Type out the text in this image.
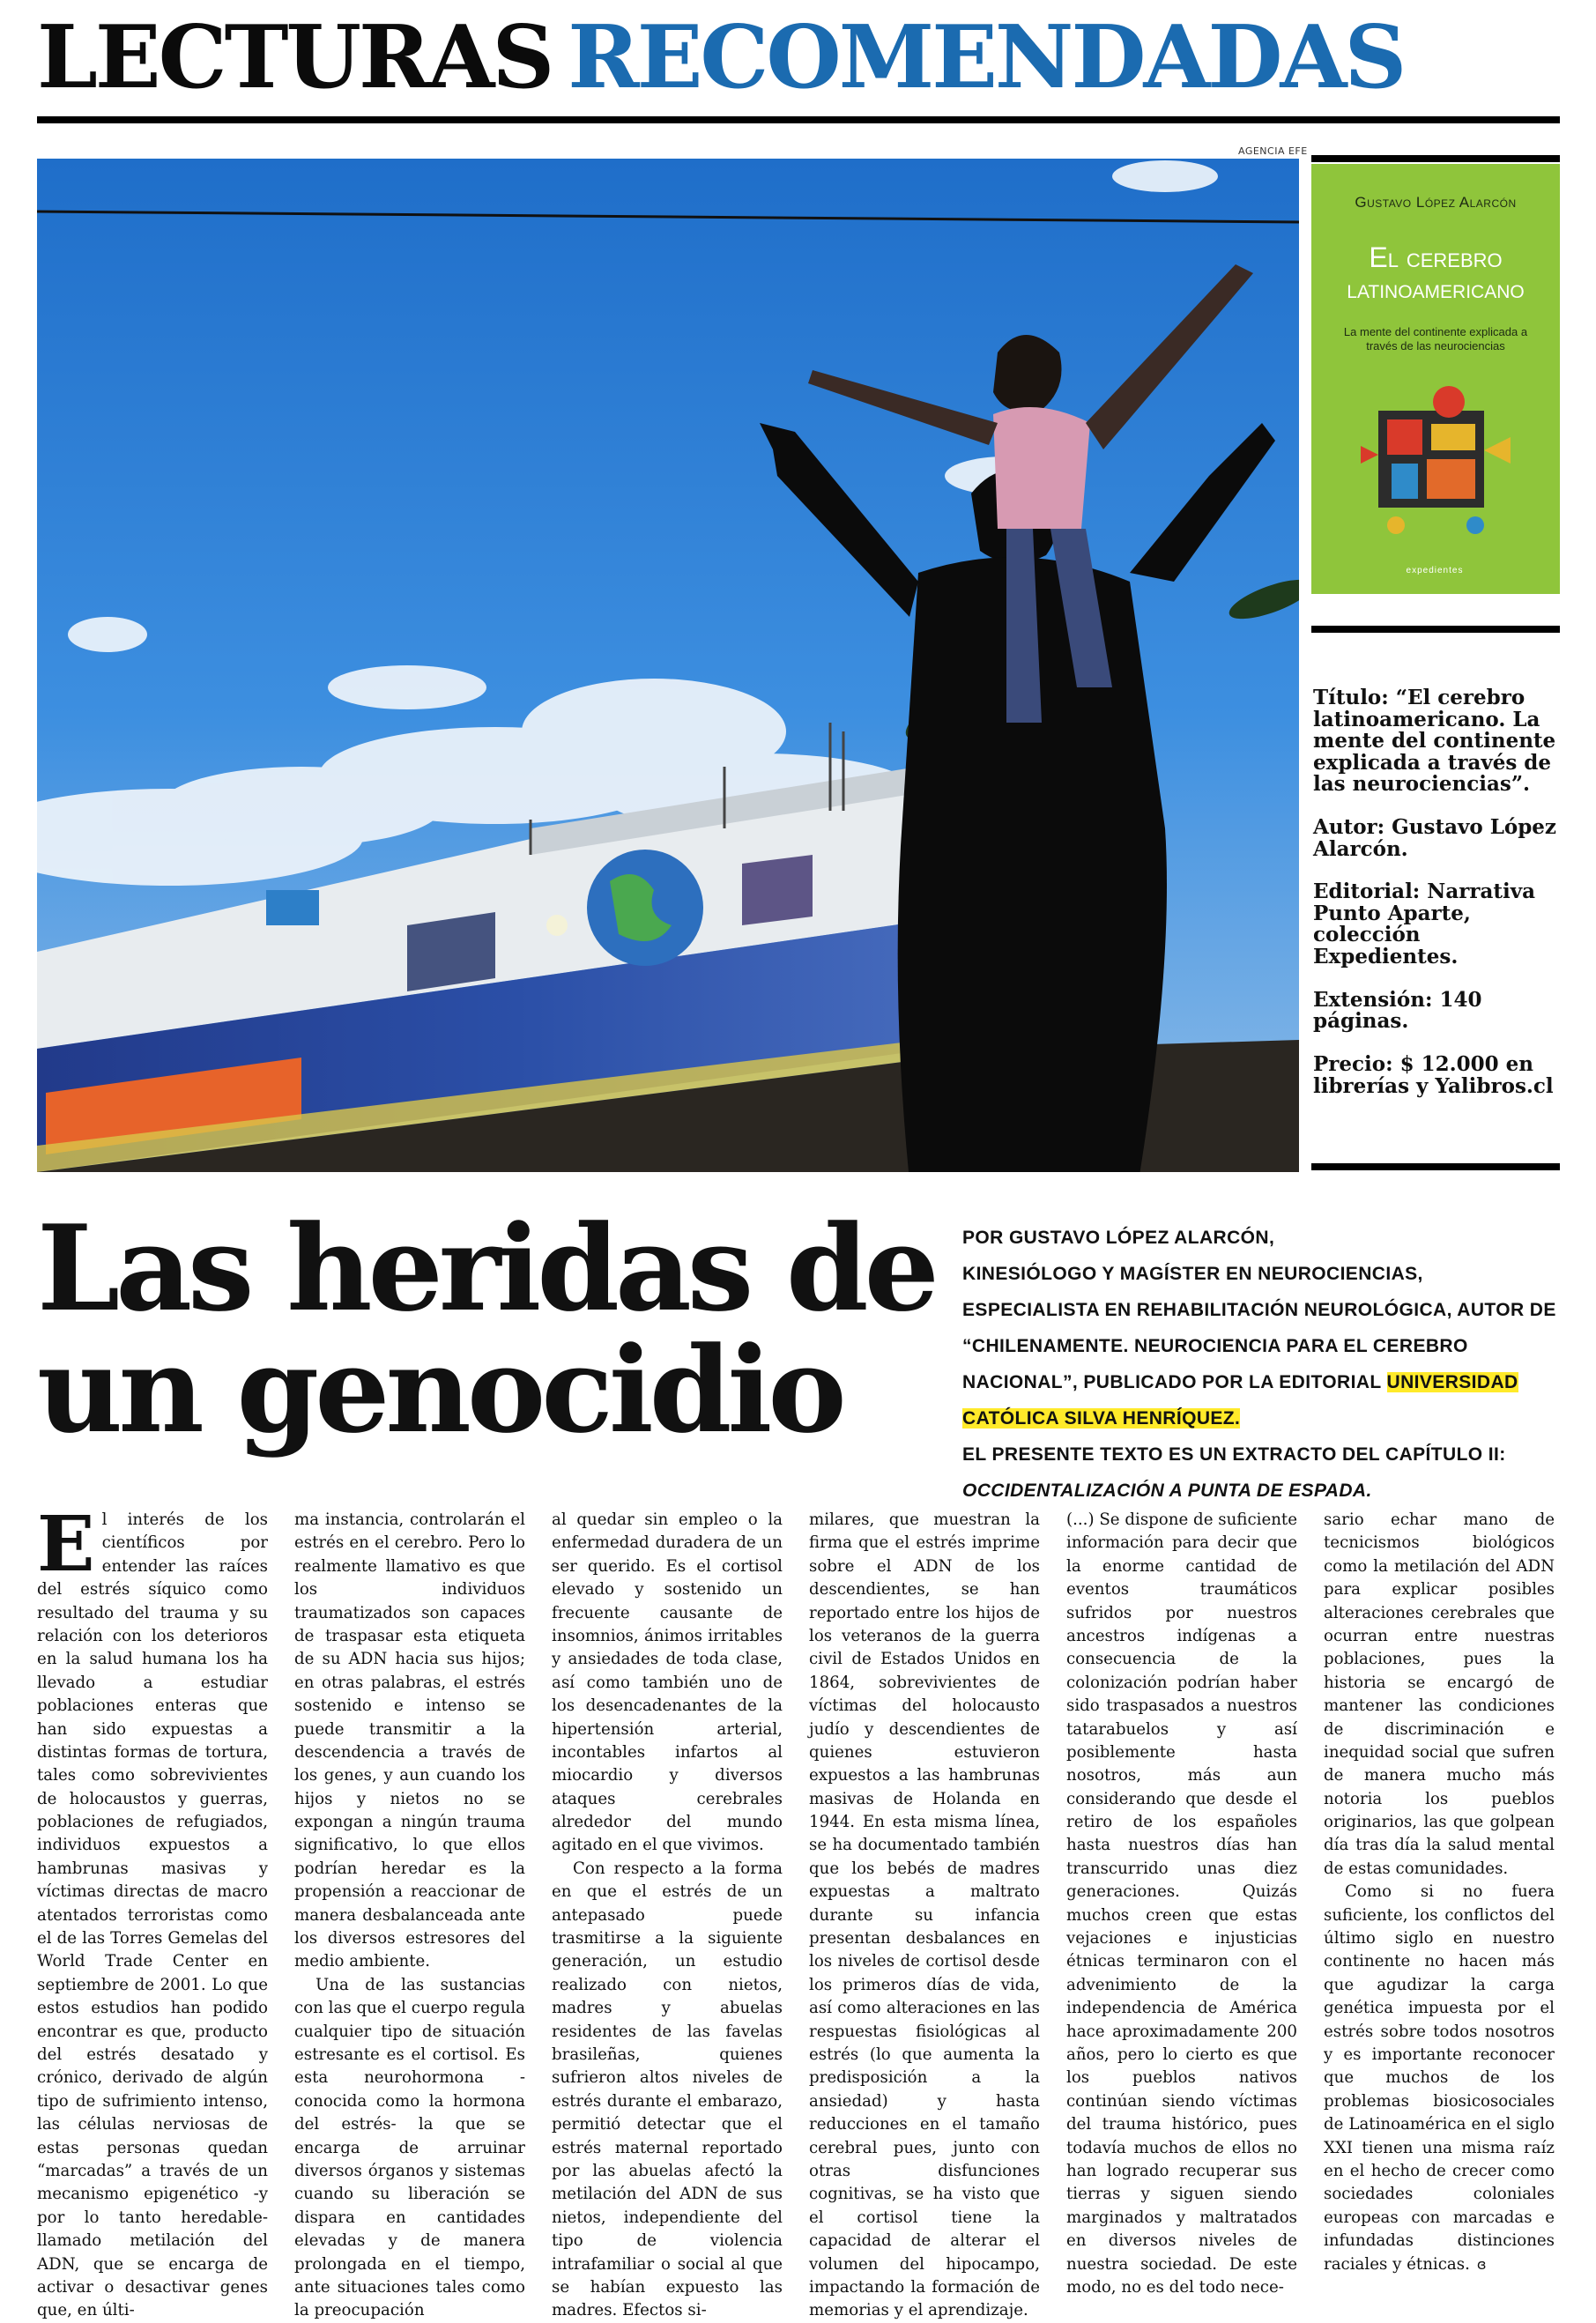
LECTURAS RECOMENDADAS
AGENCIA EFE
Gustavo López Alarcón
El cerebro
latinoamericano
La mente del continente explicada a través de las neurociencias
expedientes

Título: “El cerebro latinoamericano. La mente del continente explicada a través de las neurociencias”.

Autor: Gustavo López Alarcón.

Editorial: Narrativa Punto Aparte, colección Expedientes.

Extensión: 140 páginas.

Precio: $ 12.000 en librerías y Yalibros.cl

Las heridas de un genocidio
POR GUSTAVO LÓPEZ ALARCÓN,
KINESIÓLOGO Y MAGÍSTER EN NEUROCIENCIAS, ESPECIALISTA EN REHABILITACIÓN NEUROLÓGICA, AUTOR DE “CHILENAMENTE. NEUROCIENCIA PARA EL CEREBRO NACIONAL”, PUBLICADO POR LA EDITORIAL UNIVERSIDAD CATÓLICA SILVA HENRÍQUEZ.
EL PRESENTE TEXTO ES UN EXTRACTO DEL CAPÍTULO II:
OCCIDENTALIZACIÓN A PUNTA DE ESPADA.

El interés de los científicos por entender las raíces del estrés síquico como resultado del trauma y su relación con los deterioros en la salud humana los ha llevado a estudiar poblaciones enteras que han sido expuestas a distintas formas de tortura, tales como sobrevivientes de holocaustos y guerras, poblaciones de refugiados, individuos expuestos a hambrunas masivas y víctimas directas de macro atentados terroristas como el de las Torres Gemelas del World Trade Center en septiembre de 2001. Lo que estos estudios han podido encontrar es que, producto del estrés desatado y crónico, derivado de algún tipo de sufrimiento intenso, las células nerviosas de estas personas quedan “marcadas” a través de un mecanismo epigenético -y por lo tanto heredable- llamado metilación del ADN, que se encarga de activar o desactivar genes que, en últi-

ma instancia, controlarán el estrés en el cerebro. Pero lo realmente llamativo es que los individuos traumatizados son capaces de traspasar esta etiqueta de su ADN hacia sus hijos; en otras palabras, el estrés sostenido e intenso se puede transmitir a la descendencia a través de los genes, y aun cuando los hijos y nietos no se expongan a ningún trauma significativo, lo que ellos podrían heredar es la propensión a reaccionar de manera desbalanceada ante los diversos estresores del medio ambiente.

Una de las sustancias con las que el cuerpo regula cualquier tipo de situación estresante es el cortisol. Es esta neurohormona -conocida como la hormona del estrés- la que se encarga de arruinar diversos órganos y sistemas cuando su liberación se dispara en cantidades elevadas y de manera prolongada en el tiempo, ante situaciones tales como la preocupación

al quedar sin empleo o la enfermedad duradera de un ser querido. Es el cortisol elevado y sostenido un frecuente causante de insomnios, ánimos irritables y ansiedades de toda clase, así como también uno de los desencadenantes de la hipertensión arterial, incontables infartos al miocardio y diversos ataques cerebrales alrededor del mundo agitado en el que vivimos.

Con respecto a la forma en que el estrés de un antepasado puede trasmitirse a la siguiente generación, un estudio realizado con nietos, madres y abuelas residentes de las favelas brasileñas, quienes sufrieron altos niveles de estrés durante el embarazo, permitió detectar que el estrés maternal reportado por las abuelas afectó la metilación del ADN de sus nietos, independiente del tipo de violencia intrafamiliar o social al que se habían expuesto las madres. Efectos si-

milares, que muestran la firma que el estrés imprime sobre el ADN de los descendientes, se han reportado entre los hijos de los veteranos de la guerra civil de Estados Unidos en 1864, sobrevivientes de víctimas del holocausto judío y descendientes de quienes estuvieron expuestos a las hambrunas masivas de Holanda en 1944. En esta misma línea, se ha documentado también que los bebés de madres expuestas a maltrato durante su infancia presentan desbalances en los niveles de cortisol desde los primeros días de vida, así como alteraciones en las respuestas fisiológicas al estrés (lo que aumenta la predisposición a la ansiedad) y hasta reducciones en el tamaño cerebral pues, junto con otras disfunciones cognitivas, se ha visto que el cortisol tiene la capacidad de alterar el volumen del hipocampo, impactando la formación de memorias y el aprendizaje.

(...) Se dispone de suficiente información para decir que la enorme cantidad de eventos traumáticos sufridos por nuestros ancestros indígenas a consecuencia de la colonización podrían haber sido traspasados a nuestros tatarabuelos y así posiblemente hasta nosotros, más aun considerando que desde el retiro de los españoles hasta nuestros días han transcurrido unas diez generaciones. Quizás muchos creen que estas vejaciones e injusticias étnicas terminaron con el advenimiento de la independencia de América hace aproximadamente 200 años, pero lo cierto es que los pueblos nativos continúan siendo víctimas del trauma histórico, pues todavía muchos de ellos no han logrado recuperar sus tierras y siguen siendo marginados y maltratados en diversos niveles de nuestra sociedad. De este modo, no es del todo nece-

sario echar mano de tecnicismos biológicos como la metilación del ADN para explicar posibles alteraciones cerebrales que ocurran entre nuestras poblaciones, pues la historia se encargó de mantener las condiciones de discriminación e inequidad social que sufren de manera mucho más notoria los pueblos originarios, las que golpean día tras día la salud mental de estas comunidades.

Como si no fuera suficiente, los conflictos del último siglo en nuestro continente no hacen más que agudizar la carga genética impuesta por el estrés sobre todos nosotros y es importante reconocer que muchos de los problemas biosicosociales de Latinoamérica en el siglo XXI tienen una misma raíz en el hecho de crecer como sociedades coloniales europeas con marcadas e infundadas distinciones raciales y étnicas. ɞ
